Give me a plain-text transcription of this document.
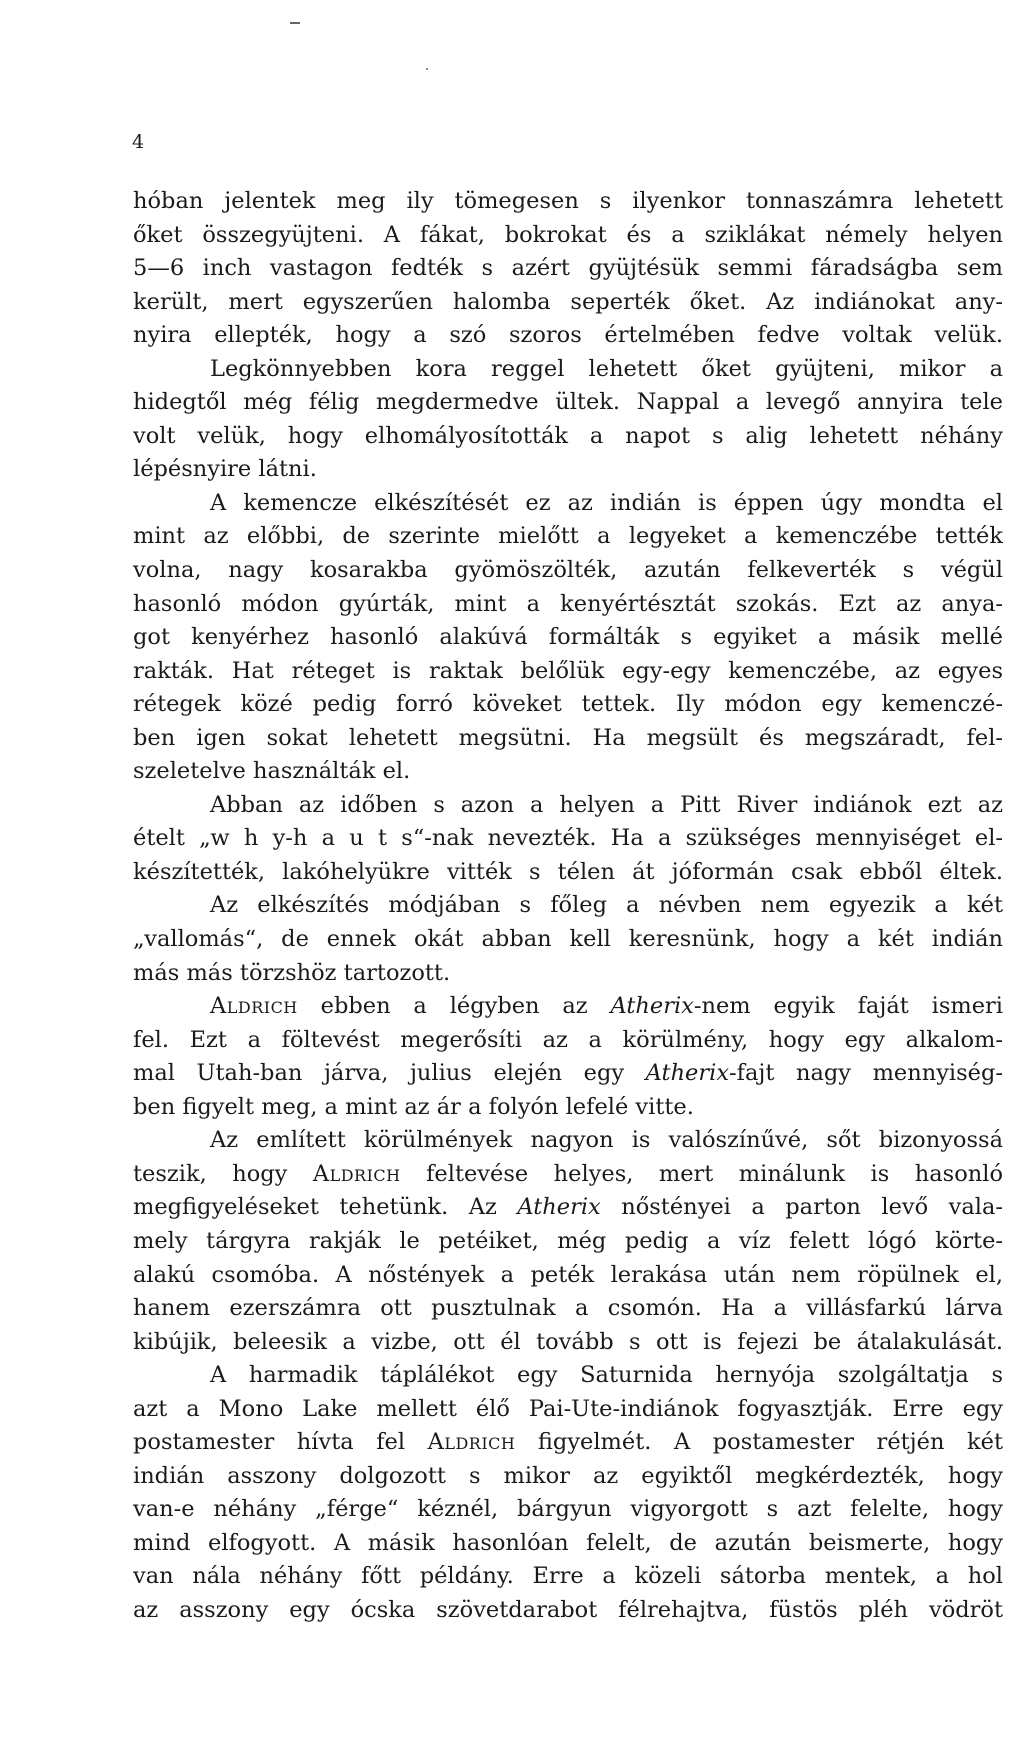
4
hóban jelentek meg ily tömegesen s ilyenkor tonnaszámra lehetett
őket összegyüjteni. A fákat, bokrokat és a sziklákat némely helyen
5—6 inch vastagon fedték s azért gyüjtésük semmi fáradságba sem
került, mert egyszerűen halomba seperték őket. Az indiánokat any-
nyira ellepték, hogy a szó szoros értelmében fedve voltak velük.
Legkönnyebben kora reggel lehetett őket gyüjteni, mikor a
hidegtől még félig megdermedve ültek. Nappal a levegő annyira tele
volt velük, hogy elhomályosították a napot s alig lehetett néhány
lépésnyire látni.
A kemencze elkészítését ez az indián is éppen úgy mondta el
mint az előbbi, de szerinte mielőtt a legyeket a kemenczébe tették
volna, nagy kosarakba gyömöszölték, azután felkeverték s végül
hasonló módon gyúrták, mint a kenyértésztát szokás. Ezt az anya-
got kenyérhez hasonló alakúvá formálták s egyiket a másik mellé
rakták. Hat réteget is raktak belőlük egy-egy kemenczébe, az egyes
rétegek közé pedig forró köveket tettek. Ily módon egy kemenczé-
ben igen sokat lehetett megsütni. Ha megsült és megszáradt, fel-
szeletelve használták el.
Abban az időben s azon a helyen a Pitt River indiánok ezt az
ételt „w h y-h a u t s“-nak nevezték. Ha a szükséges mennyiséget el-
készítették, lakóhelyükre vitték s télen át jóformán csak ebből éltek.
Az elkészítés módjában s főleg a névben nem egyezik a két
„vallomás“, de ennek okát abban kell keresnünk, hogy a két indián
más más törzshöz tartozott.
Aldrich ebben a légyben az Atherix-nem egyik faját ismeri
fel. Ezt a föltevést megerősíti az a körülmény, hogy egy alkalom-
mal Utah-ban járva, julius elején egy Atherix-fajt nagy mennyiség-
ben figyelt meg, a mint az ár a folyón lefelé vitte.
Az említett körülmények nagyon is valószínűvé, sőt bizonyossá
teszik, hogy Aldrich feltevése helyes, mert minálunk is hasonló
megfigyeléseket tehetünk. Az Atherix nőstényei a parton levő vala-
mely tárgyra rakják le petéiket, még pedig a víz felett lógó körte-
alakú csomóba. A nőstények a peték lerakása után nem röpülnek el,
hanem ezerszámra ott pusztulnak a csomón. Ha a villásfarkú lárva
kibújik, beleesik a vizbe, ott él tovább s ott is fejezi be átalakulását.
A harmadik táplálékot egy Saturnida hernyója szolgáltatja s
azt a Mono Lake mellett élő Pai-Ute-indiánok fogyasztják. Erre egy
postamester hívta fel Aldrich figyelmét. A postamester rétjén két
indián asszony dolgozott s mikor az egyiktől megkérdezték, hogy
van-e néhány „férge“ kéznél, bárgyun vigyorgott s azt felelte, hogy
mind elfogyott. A másik hasonlóan felelt, de azután beismerte, hogy
van nála néhány főtt példány. Erre a közeli sátorba mentek, a hol
az asszony egy ócska szövetdarabot félrehajtva, füstös pléh vödröt
